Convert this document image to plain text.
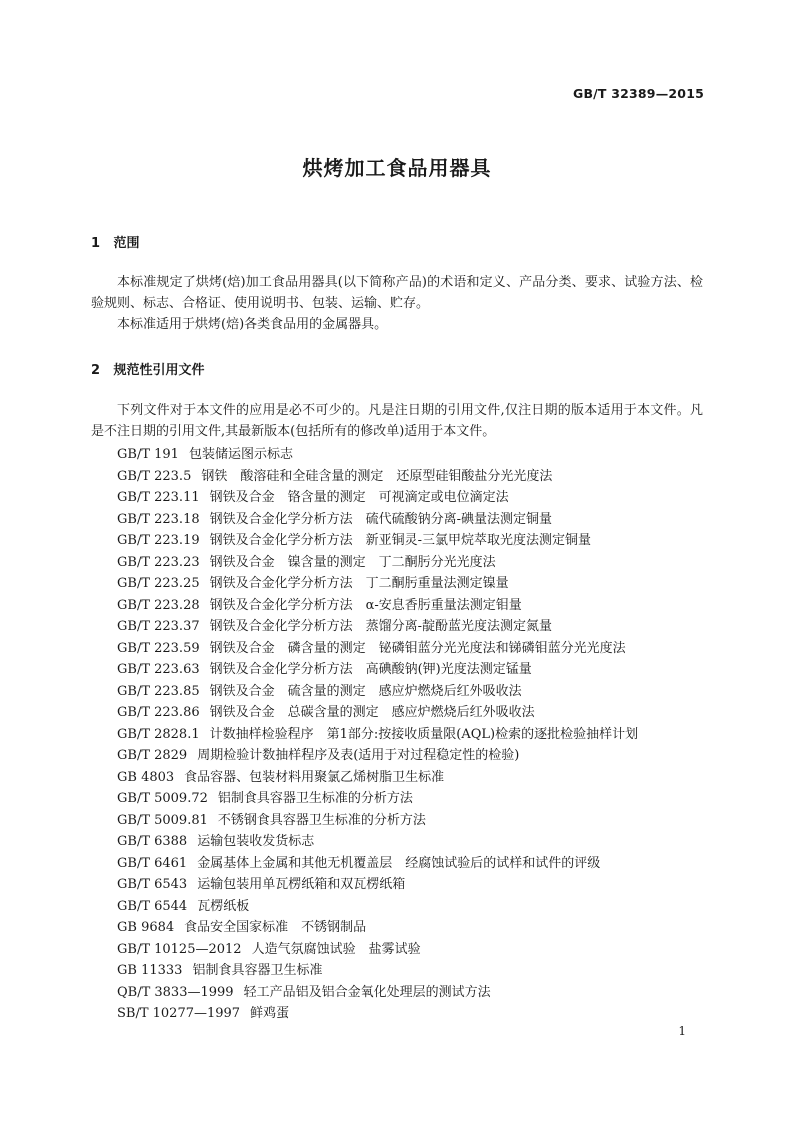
GB/T 32389—2015
烘烤加工食品用器具
1 范围

本标准规定了烘烤(焙)加工食品用器具(以下简称产品)的术语和定义、产品分类、要求、试验方法、检验规则、标志、合格证、使用说明书、包装、运输、贮存。

本标准适用于烘烤(焙)各类食品用的金属器具。

2 规范性引用文件

下列文件对于本文件的应用是必不可少的。凡是注日期的引用文件,仅注日期的版本适用于本文件。凡是不注日期的引用文件,其最新版本(包括所有的修改单)适用于本文件。

GB/T 191 包装储运图示标志
GB/T 223.5 钢铁　酸溶硅和全硅含量的测定　还原型硅钼酸盐分光光度法
GB/T 223.11 钢铁及合金　铬含量的测定　可视滴定或电位滴定法
GB/T 223.18 钢铁及合金化学分析方法　硫代硫酸钠分离-碘量法测定铜量
GB/T 223.19 钢铁及合金化学分析方法　新亚铜灵-三氯甲烷萃取光度法测定铜量
GB/T 223.23 钢铁及合金　镍含量的测定　丁二酮肟分光光度法
GB/T 223.25 钢铁及合金化学分析方法　丁二酮肟重量法测定镍量
GB/T 223.28 钢铁及合金化学分析方法　α-安息香肟重量法测定钼量
GB/T 223.37 钢铁及合金化学分析方法　蒸馏分离-靛酚蓝光度法测定氮量
GB/T 223.59 钢铁及合金　磷含量的测定　铋磷钼蓝分光光度法和锑磷钼蓝分光光度法
GB/T 223.63 钢铁及合金化学分析方法　高碘酸钠(钾)光度法测定锰量
GB/T 223.85 钢铁及合金　硫含量的测定　感应炉燃烧后红外吸收法
GB/T 223.86 钢铁及合金　总碳含量的测定　感应炉燃烧后红外吸收法
GB/T 2828.1 计数抽样检验程序　第1部分:按接收质量限(AQL)检索的逐批检验抽样计划
GB/T 2829 周期检验计数抽样程序及表(适用于对过程稳定性的检验)
GB 4803 食品容器、包装材料用聚氯乙烯树脂卫生标准
GB/T 5009.72 铝制食具容器卫生标准的分析方法
GB/T 5009.81 不锈钢食具容器卫生标准的分析方法
GB/T 6388 运输包装收发货标志
GB/T 6461 金属基体上金属和其他无机覆盖层　经腐蚀试验后的试样和试件的评级
GB/T 6543 运输包装用单瓦楞纸箱和双瓦楞纸箱
GB/T 6544 瓦楞纸板
GB 9684 食品安全国家标准　不锈钢制品
GB/T 10125—2012 人造气氛腐蚀试验　盐雾试验
GB 11333 铝制食具容器卫生标准
QB/T 3833—1999 轻工产品铝及铝合金氧化处理层的测试方法
SB/T 10277—1997 鲜鸡蛋
1
